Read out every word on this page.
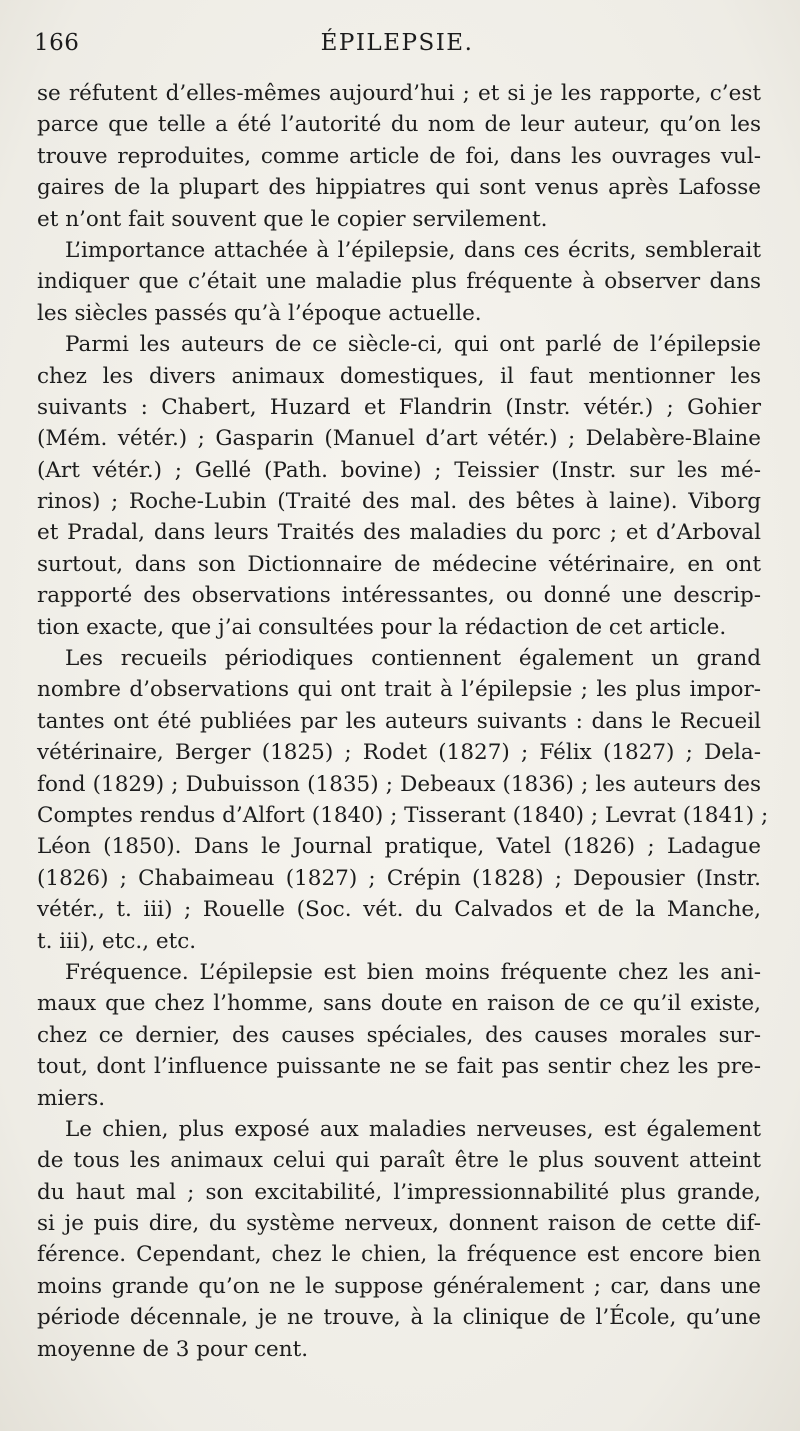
166	ÉPILEPSIE.
se réfutent d’elles-mêmes aujourd’hui ; et si je les rapporte, c’est
parce que telle a été l’autorité du nom de leur auteur, qu’on les
trouve reproduites, comme article de foi, dans les ouvrages vul-
gaires de la plupart des hippiatres qui sont venus après Lafosse
et n’ont fait souvent que le copier servilement.
L’importance attachée à l’épilepsie, dans ces écrits, semblerait
indiquer que c’était une maladie plus fréquente à observer dans
les siècles passés qu’à l’époque actuelle.
Parmi les auteurs de ce siècle-ci, qui ont parlé de l’épilepsie
chez les divers animaux domestiques, il faut mentionner les
suivants : Chabert, Huzard et Flandrin (Instr. vétér.) ; Gohier
(Mém. vétér.) ; Gasparin (Manuel d’art vétér.) ; Delabère-Blaine
(Art vétér.) ; Gellé (Path. bovine) ; Teissier (Instr. sur les mé-
rinos) ; Roche-Lubin (Traité des mal. des bêtes à laine). Viborg
et Pradal, dans leurs Traités des maladies du porc ; et d’Arboval
surtout, dans son Dictionnaire de médecine vétérinaire, en ont
rapporté des observations intéressantes, ou donné une descrip-
tion exacte, que j’ai consultées pour la rédaction de cet article.
Les recueils périodiques contiennent également un grand
nombre d’observations qui ont trait à l’épilepsie ; les plus impor-
tantes ont été publiées par les auteurs suivants : dans le Recueil
vétérinaire, Berger (1825) ; Rodet (1827) ; Félix (1827) ; Dela-
fond (1829) ; Dubuisson (1835) ; Debeaux (1836) ; les auteurs des
Comptes rendus d’Alfort (1840) ; Tisserant (1840) ; Levrat (1841) ;
Léon (1850). Dans le Journal pratique, Vatel (1826) ; Ladague
(1826) ; Chabaimeau (1827) ; Crépin (1828) ; Depousier (Instr.
vétér., t. iii) ; Rouelle (Soc. vét. du Calvados et de la Manche,
t. iii), etc., etc.
Fréquence. L’épilepsie est bien moins fréquente chez les ani-
maux que chez l’homme, sans doute en raison de ce qu’il existe,
chez ce dernier, des causes spéciales, des causes morales sur-
tout, dont l’influence puissante ne se fait pas sentir chez les pre-
miers.
Le chien, plus exposé aux maladies nerveuses, est également
de tous les animaux celui qui paraît être le plus souvent atteint
du haut mal ; son excitabilité, l’impressionnabilité plus grande,
si je puis dire, du système nerveux, donnent raison de cette dif-
férence. Cependant, chez le chien, la fréquence est encore bien
moins grande qu’on ne le suppose généralement ; car, dans une
période décennale, je ne trouve, à la clinique de l’École, qu’une
moyenne de 3 pour cent.
